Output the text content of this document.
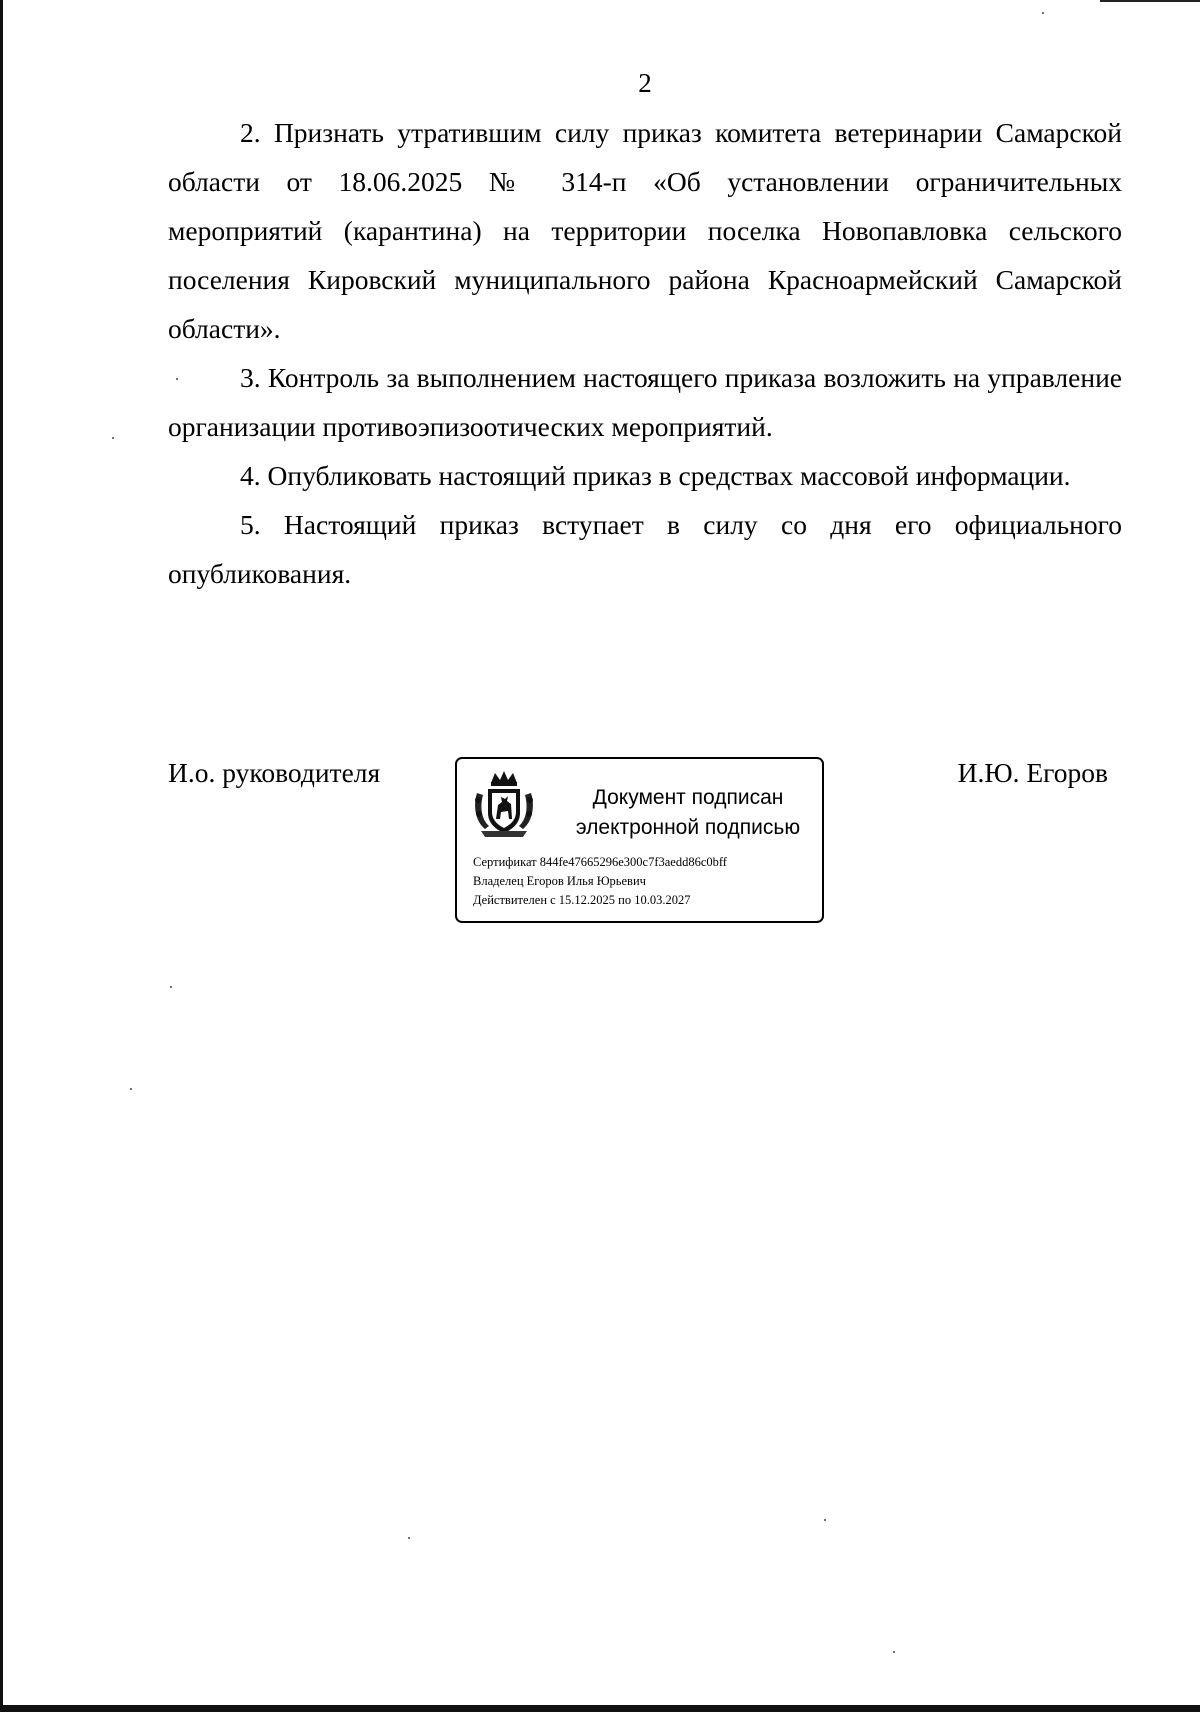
2

2. Признать утратившим силу приказ комитета ветеринарии Самарской области от 18.06.2025 № 314-п «Об установлении ограничительных мероприятий (карантина) на территории поселка Новопавловка сельского поселения Кировский муниципального района Красноармейский Самарской области».

3. Контроль за выполнением настоящего приказа возложить на управление организации противоэпизоотических мероприятий.

4. Опубликовать настоящий приказ в средствах массовой информации.

5. Настоящий приказ вступает в силу со дня его официального опубликования.

И.о. руководителя	И.Ю. Егоров
Документ подписан
электронной подписью
Сертификат 844fe47665296e300c7f3aedd86c0bff
Владелец Егоров Илья Юрьевич
Действителен с 15.12.2025 по 10.03.2027
